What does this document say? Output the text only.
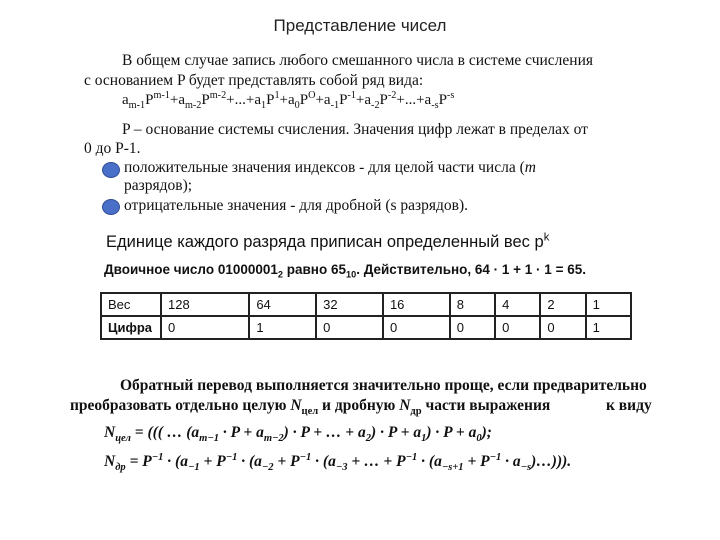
Представление чисел
В общем случае запись любого смешанного числа в системе счисления
с основанием P будет представлять собой ряд вида:
$a_{m-1}P^{m-1}+a_{m-2}P^{m-2}+...+a_1P^1+a_0P^O+a_{-1}P^{-1}+a_{-2}P^{-2}+...+a_{-s}P^{-s}$
P – основание системы счисления. Значения цифр лежат в пределах от
0 до P-1.
положительные значения индексов - для целой части числа (m
разрядов);
отрицательные значения - для дробной (s разрядов).
Единице каждого разряда приписан определенный вес $p^k$
Двоичное число $01000001_2$ равно $65_{10}$. Действительно, 64 · 1 + 1 · 1 = 65.
Вес	128	64	32	16	8	4	2	1
Цифра	0	1	0	0	0	0	0	1
Обратный перевод выполняется значительно проще, если предварительно
преобразовать отдельно целую $N_{цел}$ и дробную $N_{др}$ части выражения	к виду
$N_{цел}$ = ((( … $(a_{m-1} \cdot P + a_{m-2}) \cdot P$ + … + $a_2) \cdot P + a_1) \cdot P + a_0$);
$N_{др} = P^{-1} \cdot (a_{-1} + P^{-1} \cdot (a_{-2} + P^{-1} \cdot (a_{-3}$ + … + $P^{-1} \cdot (a_{-s+1} + P^{-1}$ · $a_{-s})\dots$))).
